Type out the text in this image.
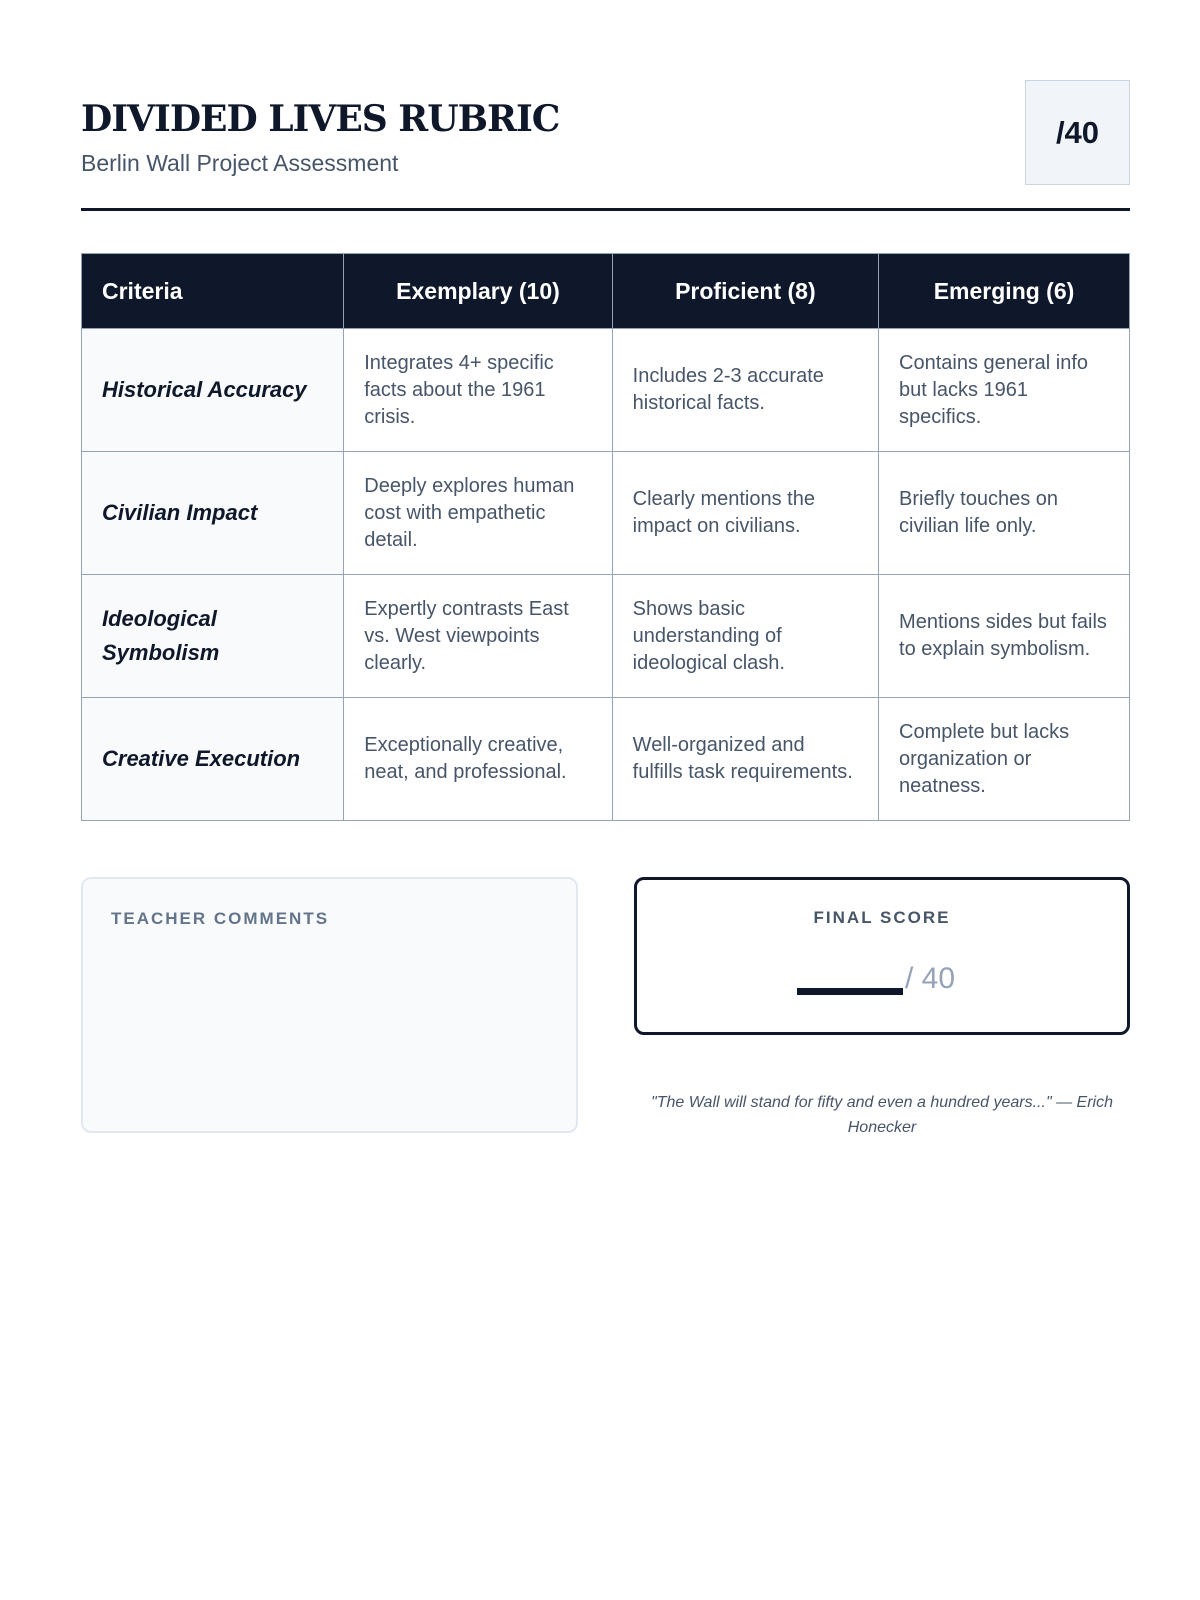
DIVIDED LIVES RUBRIC
Berlin Wall Project Assessment
/40
Criteria	Exemplary (10)	Proficient (8)	Emerging (6)
Historical Accuracy	Integrates 4+ specific facts about the 1961 crisis.	Includes 2-3 accurate historical facts.	Contains general info but lacks 1961 specifics.
Civilian Impact	Deeply explores human cost with empathetic detail.	Clearly mentions the impact on civilians.	Briefly touches on civilian life only.
Ideological Symbolism	Expertly contrasts East vs. West viewpoints clearly.	Shows basic understanding of ideological clash.	Mentions sides but fails to explain symbolism.
Creative Execution	Exceptionally creative, neat, and professional.	Well-organized and fulfills task requirements.	Complete but lacks organization or neatness.
TEACHER COMMENTS	FINAL SCORE
/ 40
"The Wall will stand for fifty and even a hundred years..." — Erich Honecker
